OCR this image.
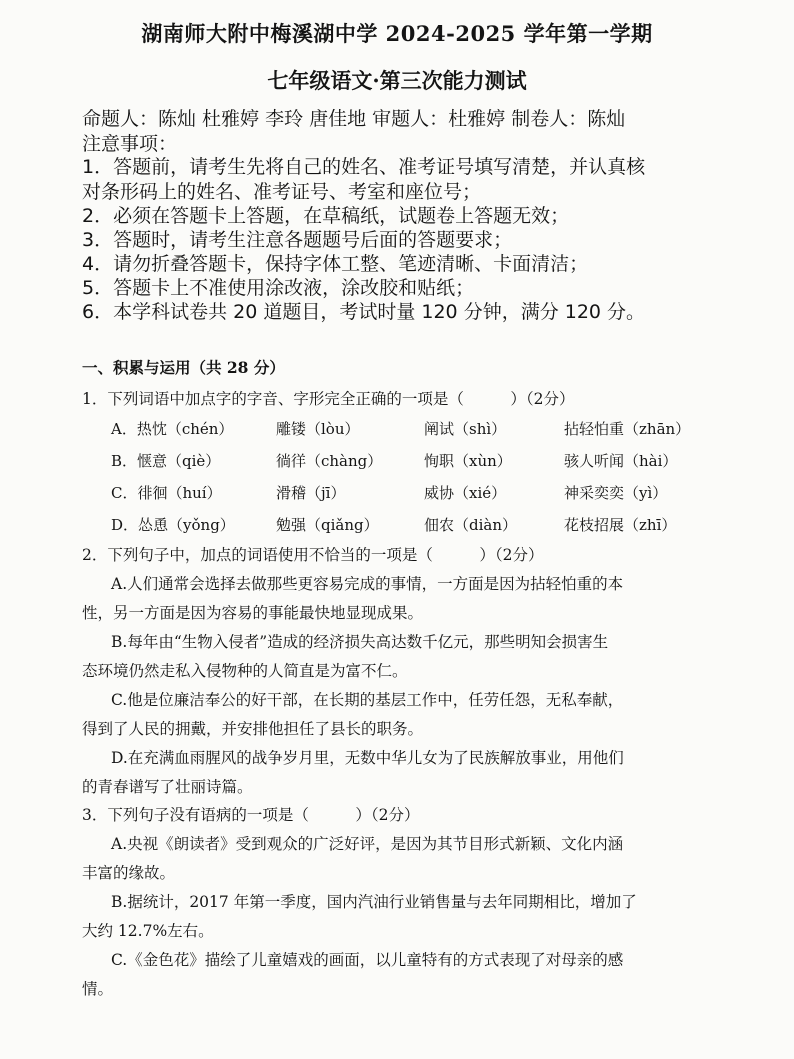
湖南师大附中梅溪湖中学 2024-2025 学年第一学期
七年级语文·第三次能力测试
命题人：陈灿 杜雅婷 李玲 唐佳地 审题人：杜雅婷 制卷人：陈灿
注意事项：
1．答题前，请考生先将自己的姓名、准考证号填写清楚，并认真核
对条形码上的姓名、准考证号、考室和座位号；
2．必须在答题卡上答题，在草稿纸，试题卷上答题无效；
3．答题时，请考生注意各题题号后面的答题要求；
4．请勿折叠答题卡，保持字体工整、笔迹清晰、卡面清洁；
5．答题卡上不准使用涂改液，涂改胶和贴纸；
6．本学科试卷共 20 道题目，考试时量 120 分钟，满分 120 分。
一、积累与运用（共 28 分）
1．下列词语中加点字的字音、字形完全正确的一项是（　　　）（2分）
A．热忱（chén）	雕镂（lòu）	阐试（shì）	拈轻怕重（zhān）
B．惬意（qiè）	徜徉（chàng）	恂职（xùn）	骇人听闻（hài）
C．徘徊（huí）	滑稽（jī）	威协（xié）	神采奕奕（yì）
D．怂恿（yǒng）	勉强（qiǎng）	佃农（diàn）	花枝招展（zhī）
2．下列句子中，加点的词语使用不恰当的一项是（　　　）（2分）
A.人们通常会选择去做那些更容易完成的事情，一方面是因为拈轻怕重的本
性，另一方面是因为容易的事能最快地显现成果。
B.每年由“生物入侵者”造成的经济损失高达数千亿元，那些明知会损害生
态环境仍然走私入侵物种的人简直是为富不仁。
C.他是位廉洁奉公的好干部，在长期的基层工作中，任劳任怨，无私奉献，
得到了人民的拥戴，并安排他担任了县长的职务。
D.在充满血雨腥风的战争岁月里，无数中华儿女为了民族解放事业，用他们
的青春谱写了壮丽诗篇。
3．下列句子没有语病的一项是（　　　）（2分）
A.央视《朗读者》受到观众的广泛好评，是因为其节目形式新颖、文化内涵
丰富的缘故。
B.据统计，2017 年第一季度，国内汽油行业销售量与去年同期相比，增加了
大约 12.7%左右。
C.《金色花》描绘了儿童嬉戏的画面，以儿童特有的方式表现了对母亲的感
情。
